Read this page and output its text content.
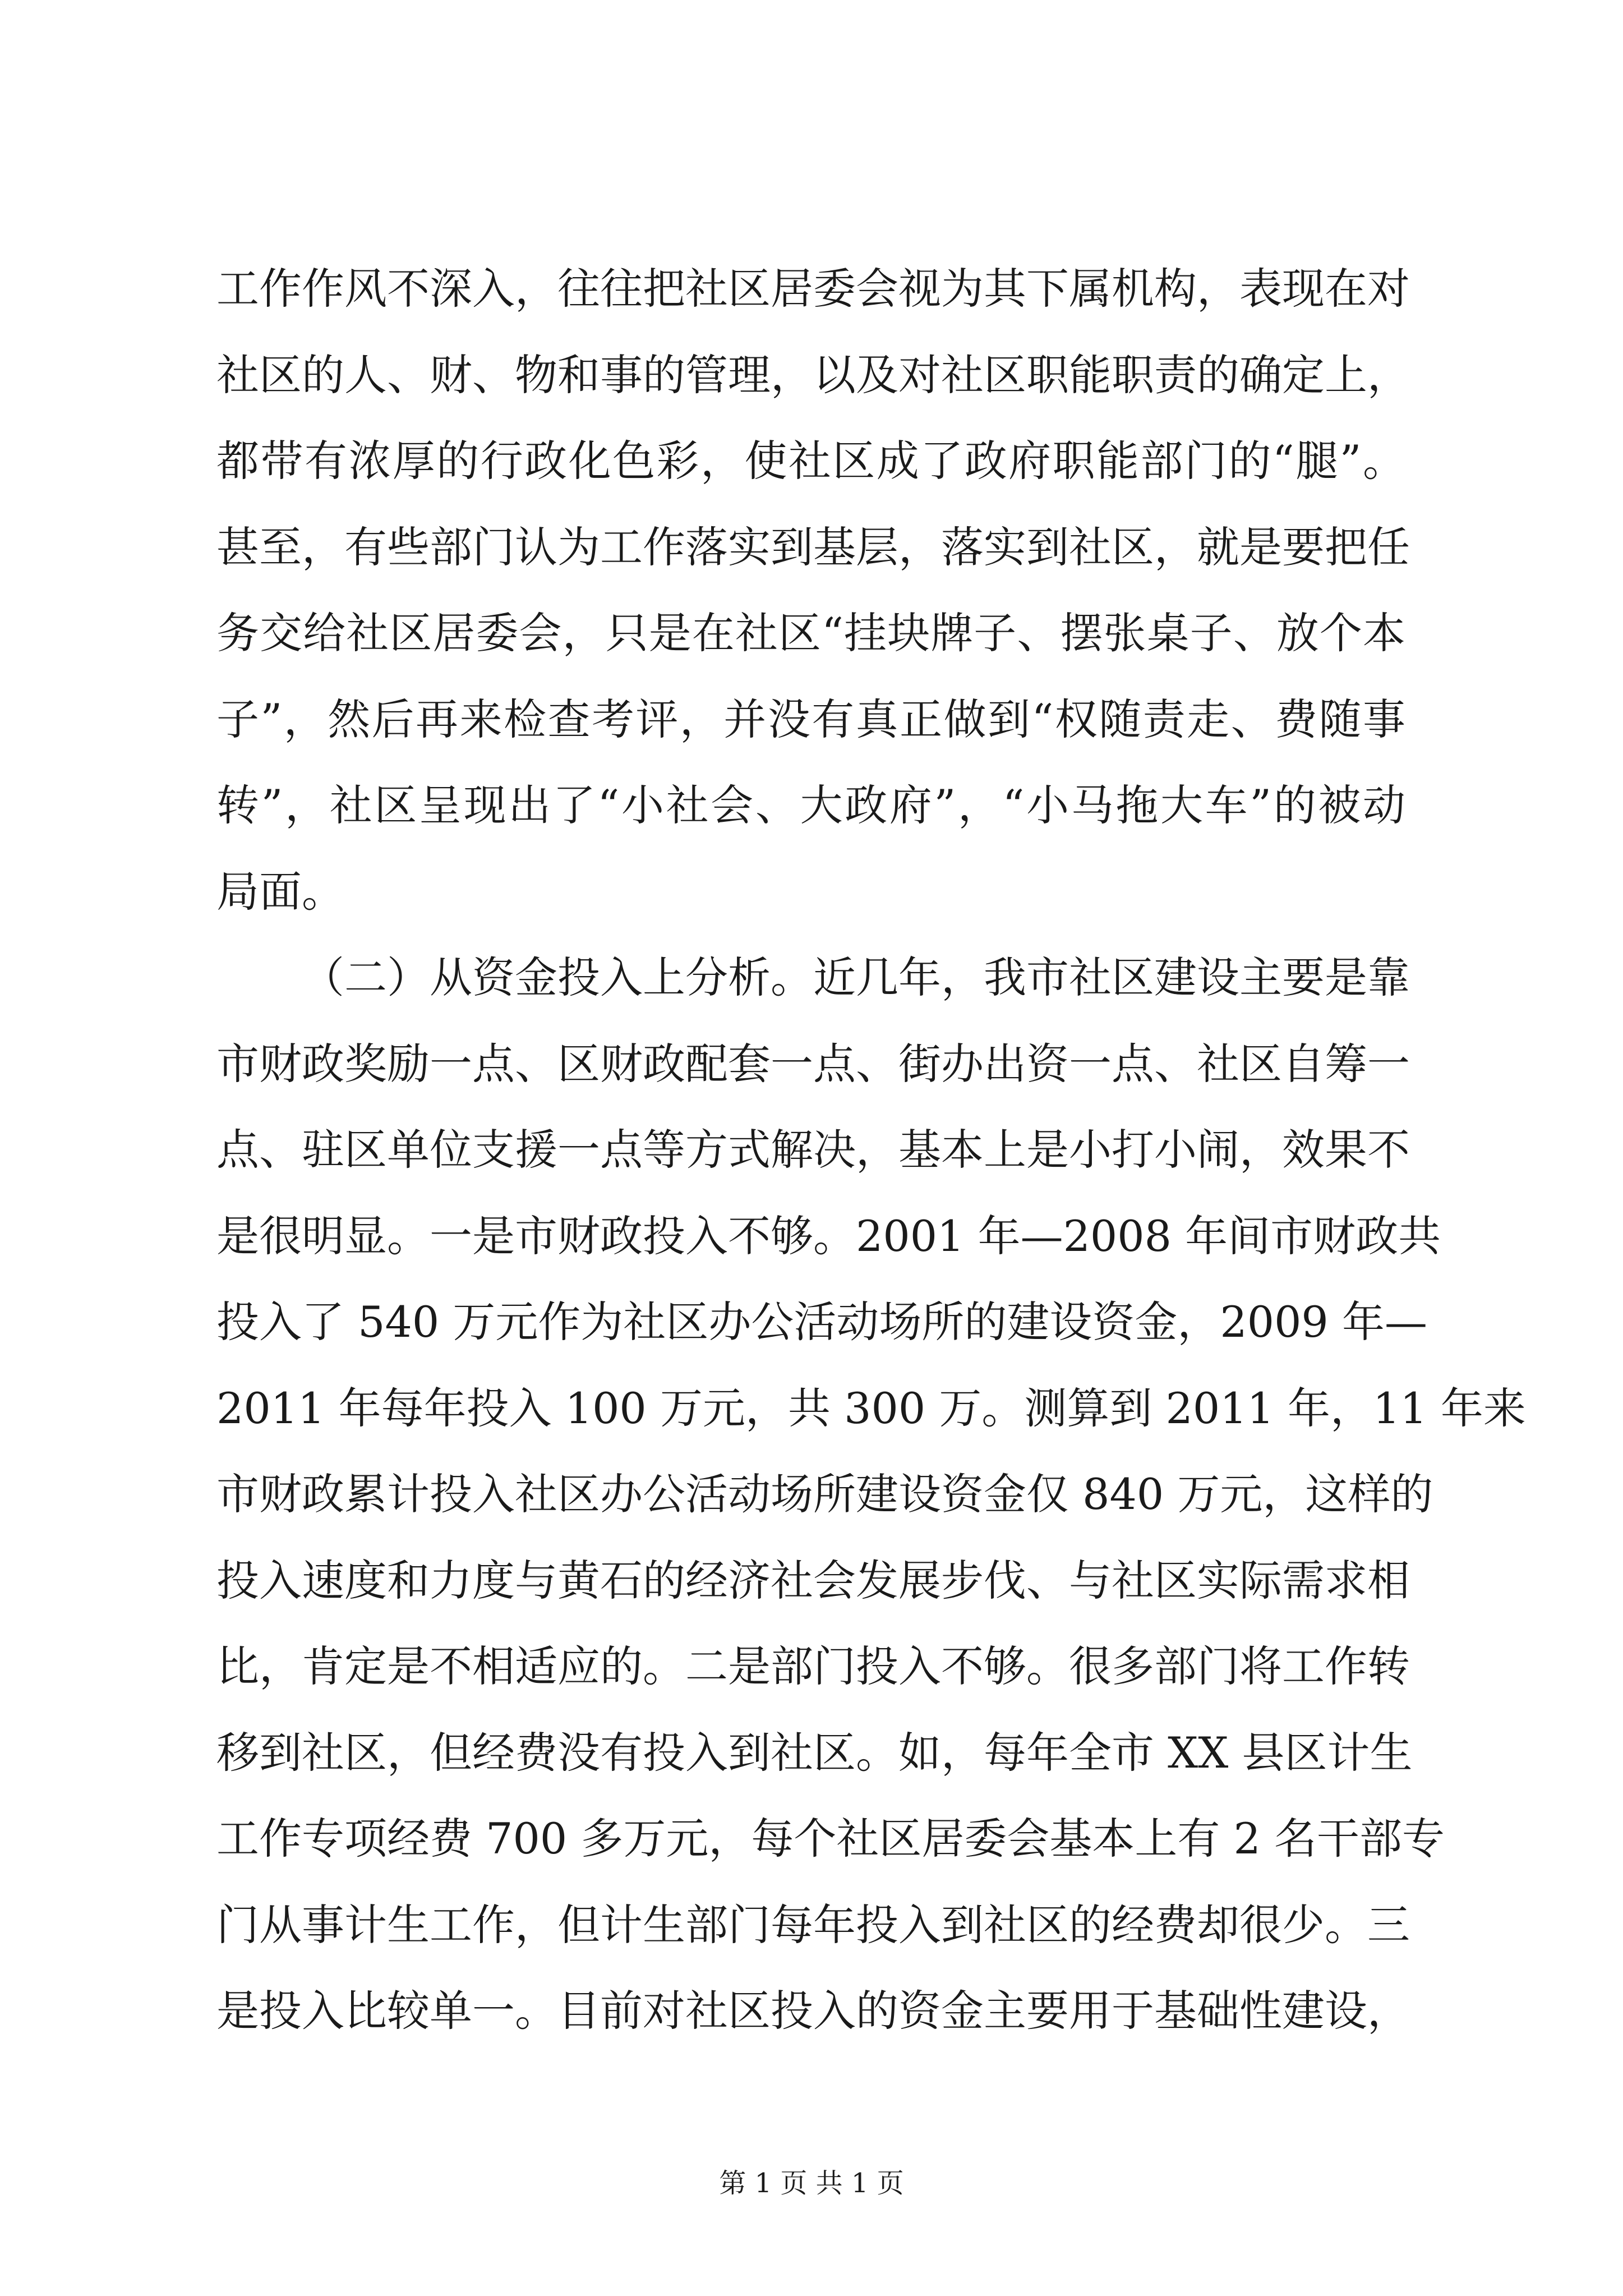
工作作风不深入，往往把社区居委会视为其下属机构，表现在对
社区的人、财、物和事的管理，以及对社区职能职责的确定上，
都带有浓厚的行政化色彩，使社区成了政府职能部门的“腿”。
甚至，有些部门认为工作落实到基层，落实到社区，就是要把任
务交给社区居委会，只是在社区“挂块牌子、摆张桌子、放个本
子”，然后再来检查考评，并没有真正做到“权随责走、费随事
转”，社区呈现出了“小社会、大政府”，“小马拖大车”的被动
局面。
（二）从资金投入上分析。近几年，我市社区建设主要是靠
市财政奖励一点、区财政配套一点、街办出资一点、社区自筹一
点、驻区单位支援一点等方式解决，基本上是小打小闹，效果不
是很明显。一是市财政投入不够。2001 年—2008 年间市财政共
投入了 540 万元作为社区办公活动场所的建设资金，2009 年—
2011 年每年投入 100 万元，共 300 万。测算到 2011 年，11 年来
市财政累计投入社区办公活动场所建设资金仅 840 万元，这样的
投入速度和力度与黄石的经济社会发展步伐、与社区实际需求相
比，肯定是不相适应的。二是部门投入不够。很多部门将工作转
移到社区，但经费没有投入到社区。如，每年全市 XX 县区计生
工作专项经费 700 多万元，每个社区居委会基本上有 2 名干部专
门从事计生工作，但计生部门每年投入到社区的经费却很少。三
是投入比较单一。目前对社区投入的资金主要用于基础性建设，
第 1 页 共 1 页
